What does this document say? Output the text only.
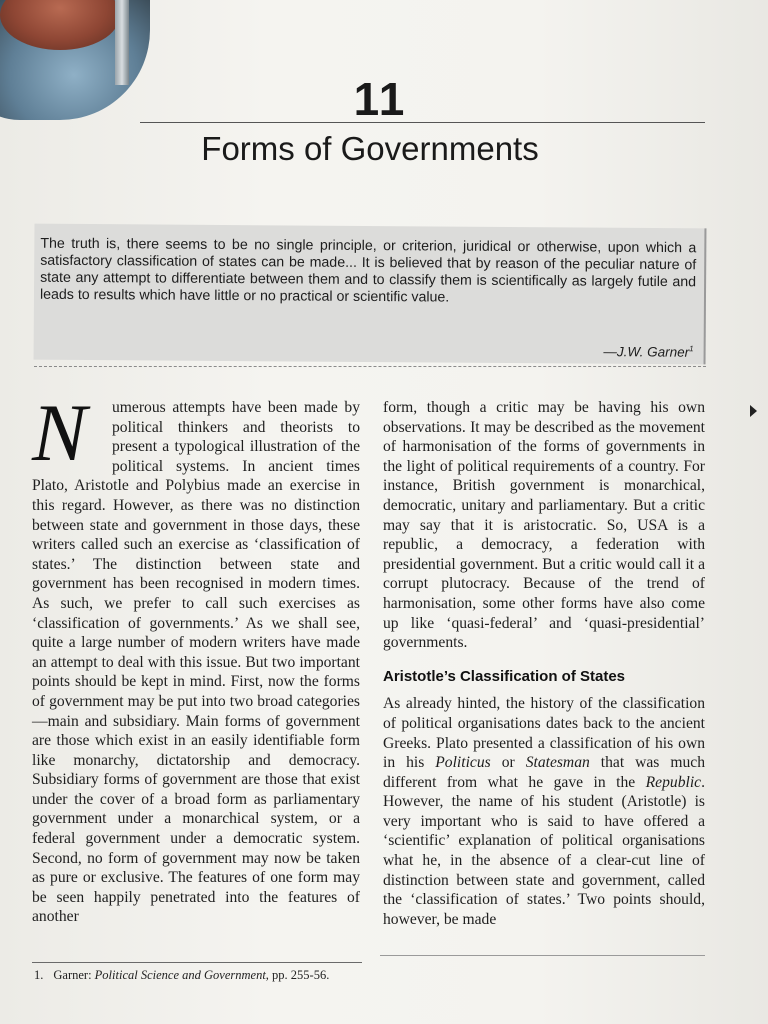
11
Forms of Governments
The truth is, there seems to be no single principle, or criterion, juridical or otherwise, upon which a satisfactory classification of states can be made... It is believed that by reason of the peculiar nature of state any attempt to differentiate between them and to classify them is scientifically as largely futile and leads to results which have little or no practical or scientific value.
—J.W. Garner$^1$

N	umerous attempts have been made by political thinkers and theorists to present a typological illustration of the political systems. In ancient times Plato, Aristotle and Polybius made an exercise in this regard. However, as there was no distinction between state and government in those days, these writers called such an exercise as ‘classification of states.’ The distinction between state and government has been recognised in modern times. As such, we prefer to call such exercises as ‘classification of governments.’ As we shall see, quite a large number of modern writers have made an attempt to deal with this issue. But two important points should be kept in mind. First, now the forms of government may be put into two broad categories—main and subsidiary. Main forms of government are those which exist in an easily identifiable form like monarchy, dictatorship and democracy. Subsidiary forms of government are those that exist under the cover of a broad form as parliamentary government under a monarchical system, or a federal government under a democratic system. Second, no form of government may now be taken as pure or exclusive. The features of one form may be seen happily penetrated into the features of another

form, though a critic may be having his own observations. It may be described as the movement of harmonisation of the forms of governments in the light of political requirements of a country. For instance, British government is monarchical, democratic, unitary and parliamentary. But a critic may say that it is aristocratic. So, USA is a republic, a democracy, a federation with presidential government. But a critic would call it a corrupt plutocracy. Because of the trend of harmonisation, some other forms have also come up like ‘quasi-federal’ and ‘quasi-presidential’ governments.

Aristotle’s Classification of States

As already hinted, the history of the classification of political organisations dates back to the ancient Greeks. Plato presented a classification of his own in his Politicus or Statesman that was much different from what he gave in the Republic. However, the name of his student (Aristotle) is very important who is said to have offered a ‘scientific’ explanation of political organisations what he, in the absence of a clear-cut line of distinction between state and government, called the ‘classification of states.’ Two points should, however, be made

1. Garner: Political Science and Government, pp. 255-56.
